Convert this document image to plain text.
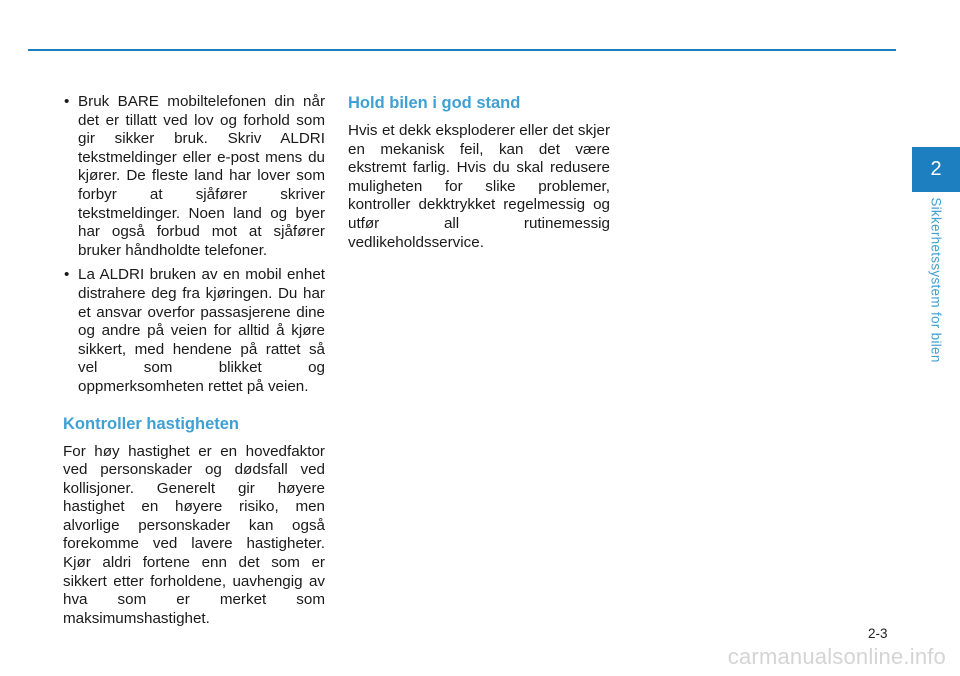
• Bruk BARE mobiltelefonen din når det er tillatt ved lov og forhold som gir sikker bruk. Skriv ALDRI tekstmeldinger eller e-post mens du kjører. De fleste land har lover som forbyr at sjåfører skriver tekstmeldinger. Noen land og byer har også forbud mot at sjåfører bruker håndholdte telefoner.
• La ALDRI bruken av en mobil enhet distrahere deg fra kjøringen. Du har et ansvar overfor passasjerene dine og andre på veien for alltid å kjøre sikkert, med hendene på rattet så vel som blikket og oppmerksomheten rettet på veien.
Kontroller hastigheten

For høy hastighet er en hovedfaktor ved personskader og dødsfall ved kollisjoner. Generelt gir høyere hastighet en høyere risiko, men alvorlige personskader kan også forekomme ved lavere hastigheter. Kjør aldri fortene enn det som er sikkert etter forholdene, uavhengig av hva som er merket som maksimumshastighet.

Hold bilen i god stand

Hvis et dekk eksploderer eller det skjer en mekanisk feil, kan det være ekstremt farlig. Hvis du skal redusere muligheten for slike problemer, kontroller dekktrykket regelmessig og utfør all rutinemessig vedlikeholdsservice.

2
Sikkerhetssystem for bilen
2-3
carmanualsonline.info
